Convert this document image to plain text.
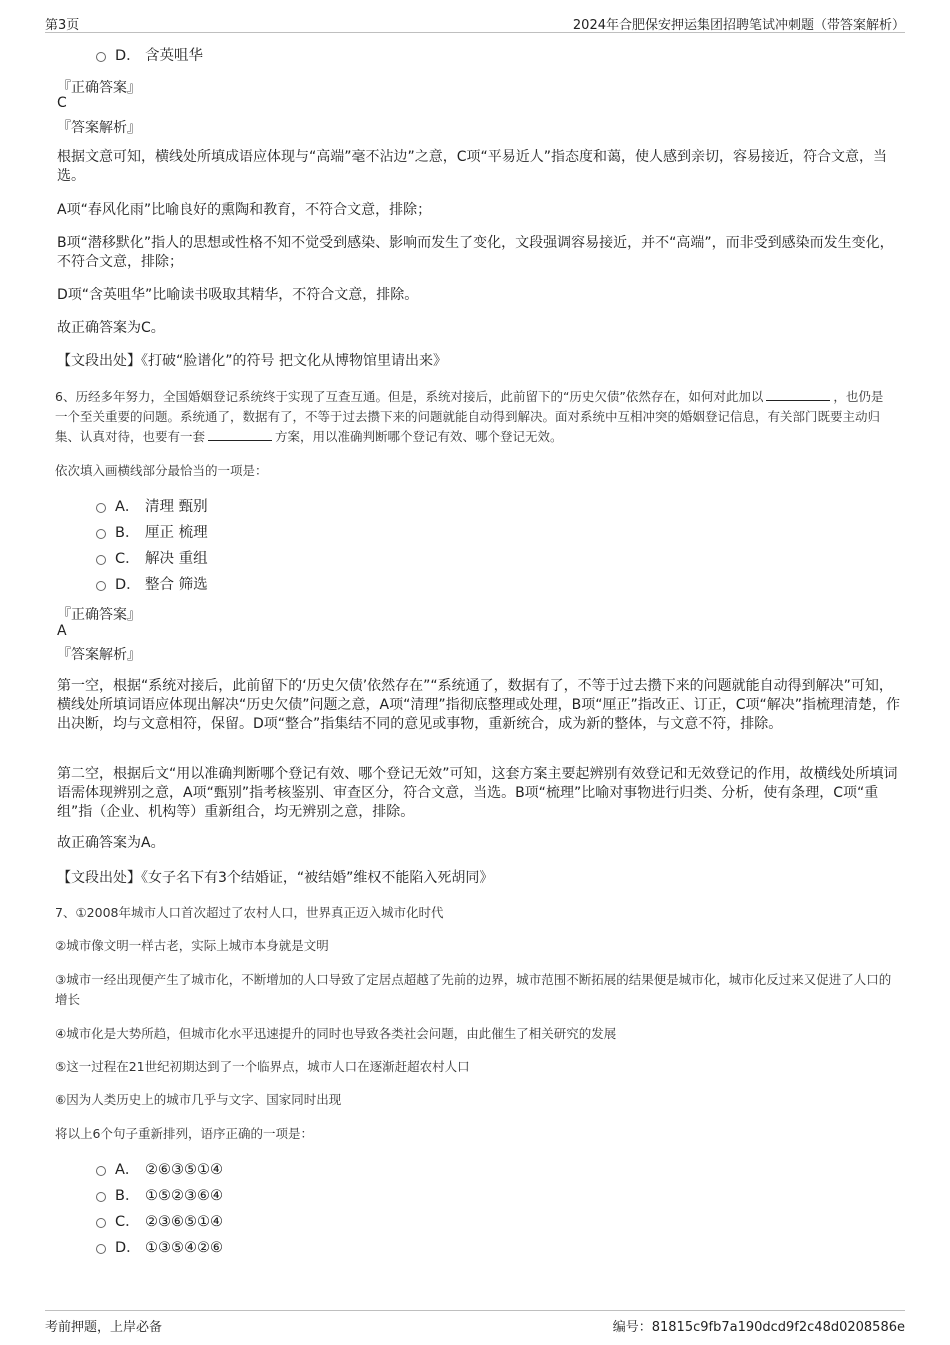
第3页	2024年合肥保安押运集团招聘笔试冲刺题（带答案解析）
D． 含英咀华
『正确答案』
C
『答案解析』
根据文意可知，横线处所填成语应体现与“高端”毫不沾边”之意，C项“平易近人”指态度和蔼，使人感到亲切，容易接近，符合文意，当选。
A项“春风化雨”比喻良好的熏陶和教育，不符合文意，排除；
B项“潜移默化”指人的思想或性格不知不觉受到感染、影响而发生了变化，文段强调容易接近，并不“高端”，而非受到感染而发生变化，不符合文意，排除；
D项“含英咀华”比喻读书吸取其精华，不符合文意，排除。
故正确答案为C。
【文段出处】《打破“脸谱化”的符号 把文化从博物馆里请出来》
6、历经多年努力，全国婚姻登记系统终于实现了互查互通。但是，系统对接后，此前留下的“历史欠债”依然存在，如何对此加以	，也仍是一个至关重要的问题。系统通了，数据有了，不等于过去攒下来的问题就能自动得到解决。面对系统中互相冲突的婚姻登记信息，有关部门既要主动归集、认真对待，也要有一套	方案，用以准确判断哪个登记有效、哪个登记无效。
依次填入画横线部分最恰当的一项是：
A． 清理 甄别
B． 厘正 梳理
C． 解决 重组
D． 整合 筛选
『正确答案』
A
『答案解析』
第一空，根据“系统对接后，此前留下的‘历史欠债’依然存在”“系统通了，数据有了，不等于过去攒下来的问题就能自动得到解决”可知，横线处所填词语应体现出解决“历史欠债”问题之意，A项“清理”指彻底整理或处理，B项“厘正”指改正、订正，C项“解决”指梳理清楚，作出决断，均与文意相符，保留。D项“整合”指集结不同的意见或事物，重新统合，成为新的整体，与文意不符，排除。
第二空，根据后文“用以准确判断哪个登记有效、哪个登记无效”可知，这套方案主要起辨别有效登记和无效登记的作用，故横线处所填词语需体现辨别之意，A项“甄别”指考核鉴别、审查区分，符合文意，当选。B项“梳理”比喻对事物进行归类、分析，使有条理，C项“重组”指（企业、机构等）重新组合，均无辨别之意，排除。
故正确答案为A。
【文段出处】《女子名下有3个结婚证，“被结婚”维权不能陷入死胡同》
7、①2008年城市人口首次超过了农村人口，世界真正迈入城市化时代
②城市像文明一样古老，实际上城市本身就是文明
③城市一经出现便产生了城市化，不断增加的人口导致了定居点超越了先前的边界，城市范围不断拓展的结果便是城市化，城市化反过来又促进了人口的增长
④城市化是大势所趋，但城市化水平迅速提升的同时也导致各类社会问题，由此催生了相关研究的发展
⑤这一过程在21世纪初期达到了一个临界点，城市人口在逐渐赶超农村人口
⑥因为人类历史上的城市几乎与文字、国家同时出现
将以上6个句子重新排列，语序正确的一项是：
A． ②⑥③⑤①④
B． ①⑤②③⑥④
C． ②③⑥⑤①④
D． ①③⑤④②⑥
考前押题，上岸必备	编号：81815c9fb7a190dcd9f2c48d0208586e
